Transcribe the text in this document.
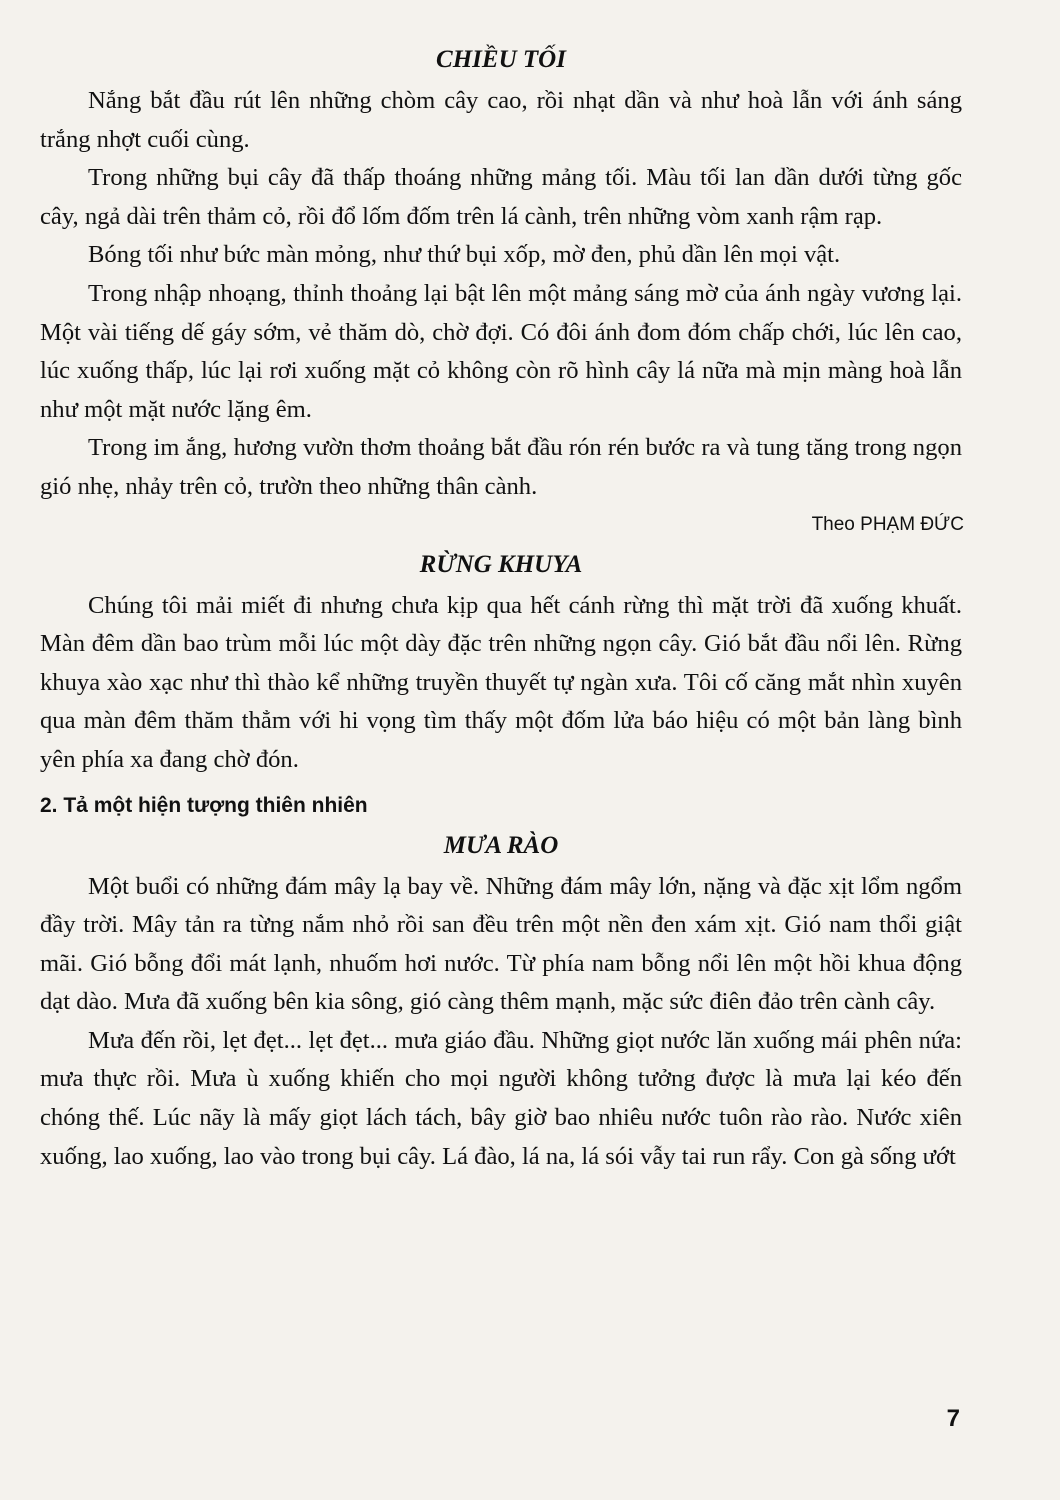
CHIỀU TỐI

Nắng bắt đầu rút lên những chòm cây cao, rồi nhạt dần và như hoà lẫn với ánh sáng trắng nhợt cuối cùng.

Trong những bụi cây đã thấp thoáng những mảng tối. Màu tối lan dần dưới từng gốc cây, ngả dài trên thảm cỏ, rồi đổ lốm đốm trên lá cành, trên những vòm xanh rậm rạp.

Bóng tối như bức màn mỏng, như thứ bụi xốp, mờ đen, phủ dần lên mọi vật.

Trong nhập nhoạng, thỉnh thoảng lại bật lên một mảng sáng mờ của ánh ngày vương lại. Một vài tiếng dế gáy sớm, vẻ thăm dò, chờ đợi. Có đôi ánh đom đóm chấp chới, lúc lên cao, lúc xuống thấp, lúc lại rơi xuống mặt cỏ không còn rõ hình cây lá nữa mà mịn màng hoà lẫn như một mặt nước lặng êm.

Trong im ắng, hương vườn thơm thoảng bắt đầu rón rén bước ra và tung tăng trong ngọn gió nhẹ, nhảy trên cỏ, trườn theo những thân cành.

Theo PHẠM ĐỨC

RỪNG KHUYA

Chúng tôi mải miết đi nhưng chưa kịp qua hết cánh rừng thì mặt trời đã xuống khuất. Màn đêm dần bao trùm mỗi lúc một dày đặc trên những ngọn cây. Gió bắt đầu nổi lên. Rừng khuya xào xạc như thì thào kể những truyền thuyết tự ngàn xưa. Tôi cố căng mắt nhìn xuyên qua màn đêm thăm thẳm với hi vọng tìm thấy một đốm lửa báo hiệu có một bản làng bình yên phía xa đang chờ đón.

2. Tả một hiện tượng thiên nhiên

MƯA RÀO

Một buổi có những đám mây lạ bay về. Những đám mây lớn, nặng và đặc xịt lổm ngổm đầy trời. Mây tản ra từng nắm nhỏ rồi san đều trên một nền đen xám xịt. Gió nam thổi giật mãi. Gió bỗng đổi mát lạnh, nhuốm hơi nước. Từ phía nam bỗng nổi lên một hồi khua động dạt dào. Mưa đã xuống bên kia sông, gió càng thêm mạnh, mặc sức điên đảo trên cành cây.

Mưa đến rồi, lẹt đẹt... lẹt đẹt... mưa giáo đầu. Những giọt nước lăn xuống mái phên nứa: mưa thực rồi. Mưa ù xuống khiến cho mọi người không tưởng được là mưa lại kéo đến chóng thế. Lúc nãy là mấy giọt lách tách, bây giờ bao nhiêu nước tuôn rào rào. Nước xiên xuống, lao xuống, lao vào trong bụi cây. Lá đào, lá na, lá sói vẫy tai run rẩy. Con gà sống ướt

7
